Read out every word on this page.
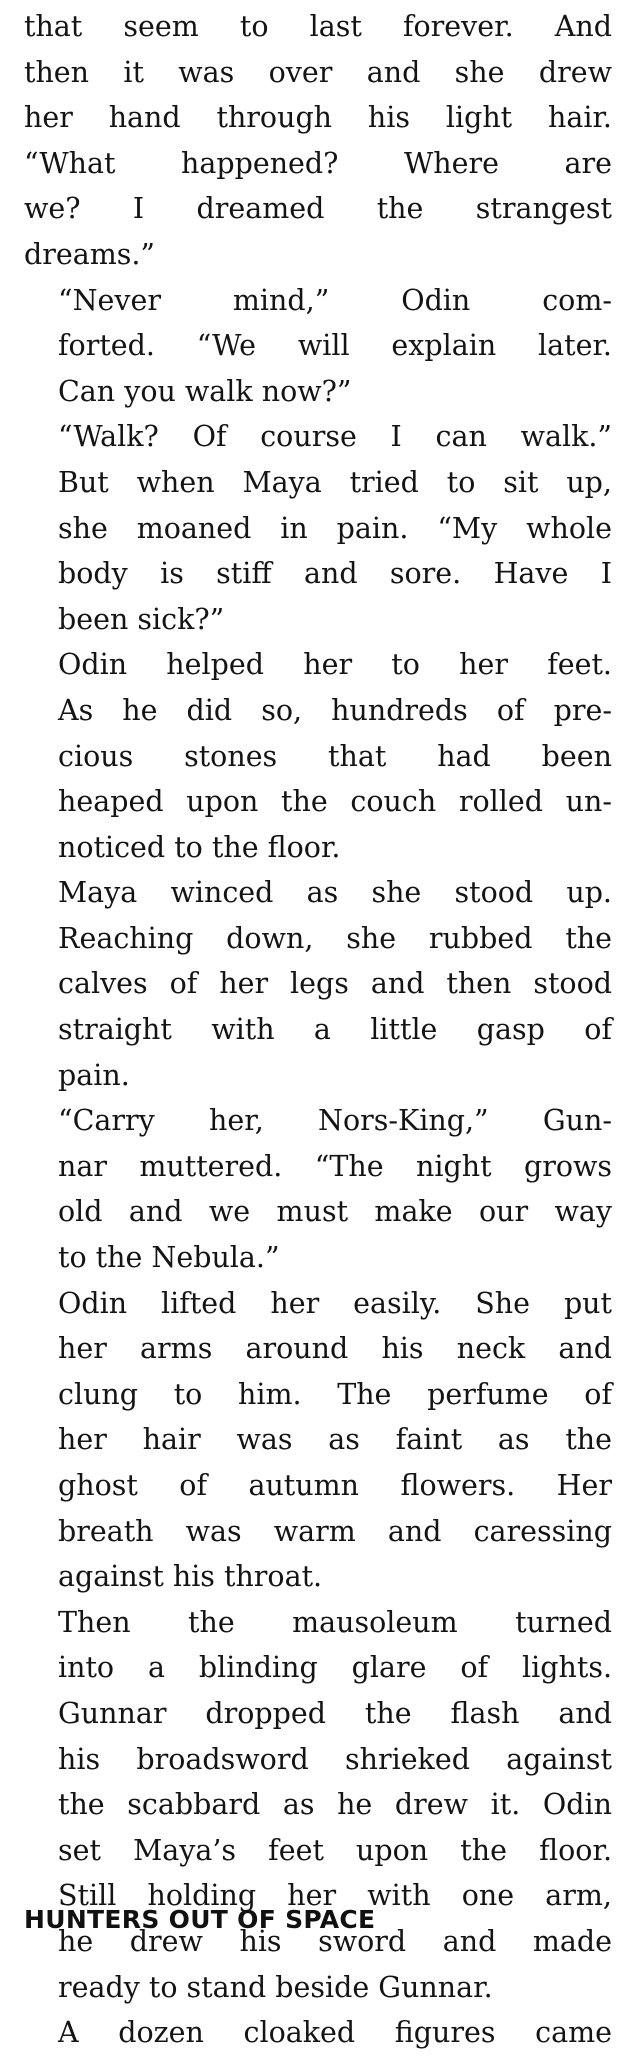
that seem to last forever. And
then it was over and she drew
her hand through his light hair.
“What happened? Where are
we? I dreamed the strangest
dreams.”

“Never mind,” Odin com-
forted. “We will explain later.
Can you walk now?”

“Walk? Of course I can walk.”
But when Maya tried to sit up,
she moaned in pain. “My whole
body is stiff and sore. Have I
been sick?”

Odin helped her to her feet.
As he did so, hundreds of pre-
cious stones that had been
heaped upon the couch rolled un-
noticed to the floor.

Maya winced as she stood up.
Reaching down, she rubbed the
calves of her legs and then stood
straight with a little gasp of
pain.

“Carry her, Nors-King,” Gun-
nar muttered. “The night grows
old and we must make our way
to the Nebula.”

Odin lifted her easily. She put
her arms around his neck and
clung to him. The perfume of
her hair was as faint as the
ghost of autumn flowers. Her
breath was warm and caressing
against his throat.

Then the mausoleum turned
into a blinding glare of lights.
Gunnar dropped the flash and
his broadsword shrieked against
the scabbard as he drew it. Odin
set Maya’s feet upon the floor.
Still holding her with one arm,
he drew his sword and made
ready to stand beside Gunnar.

A dozen cloaked figures came

HUNTERS OUT OF SPACE
